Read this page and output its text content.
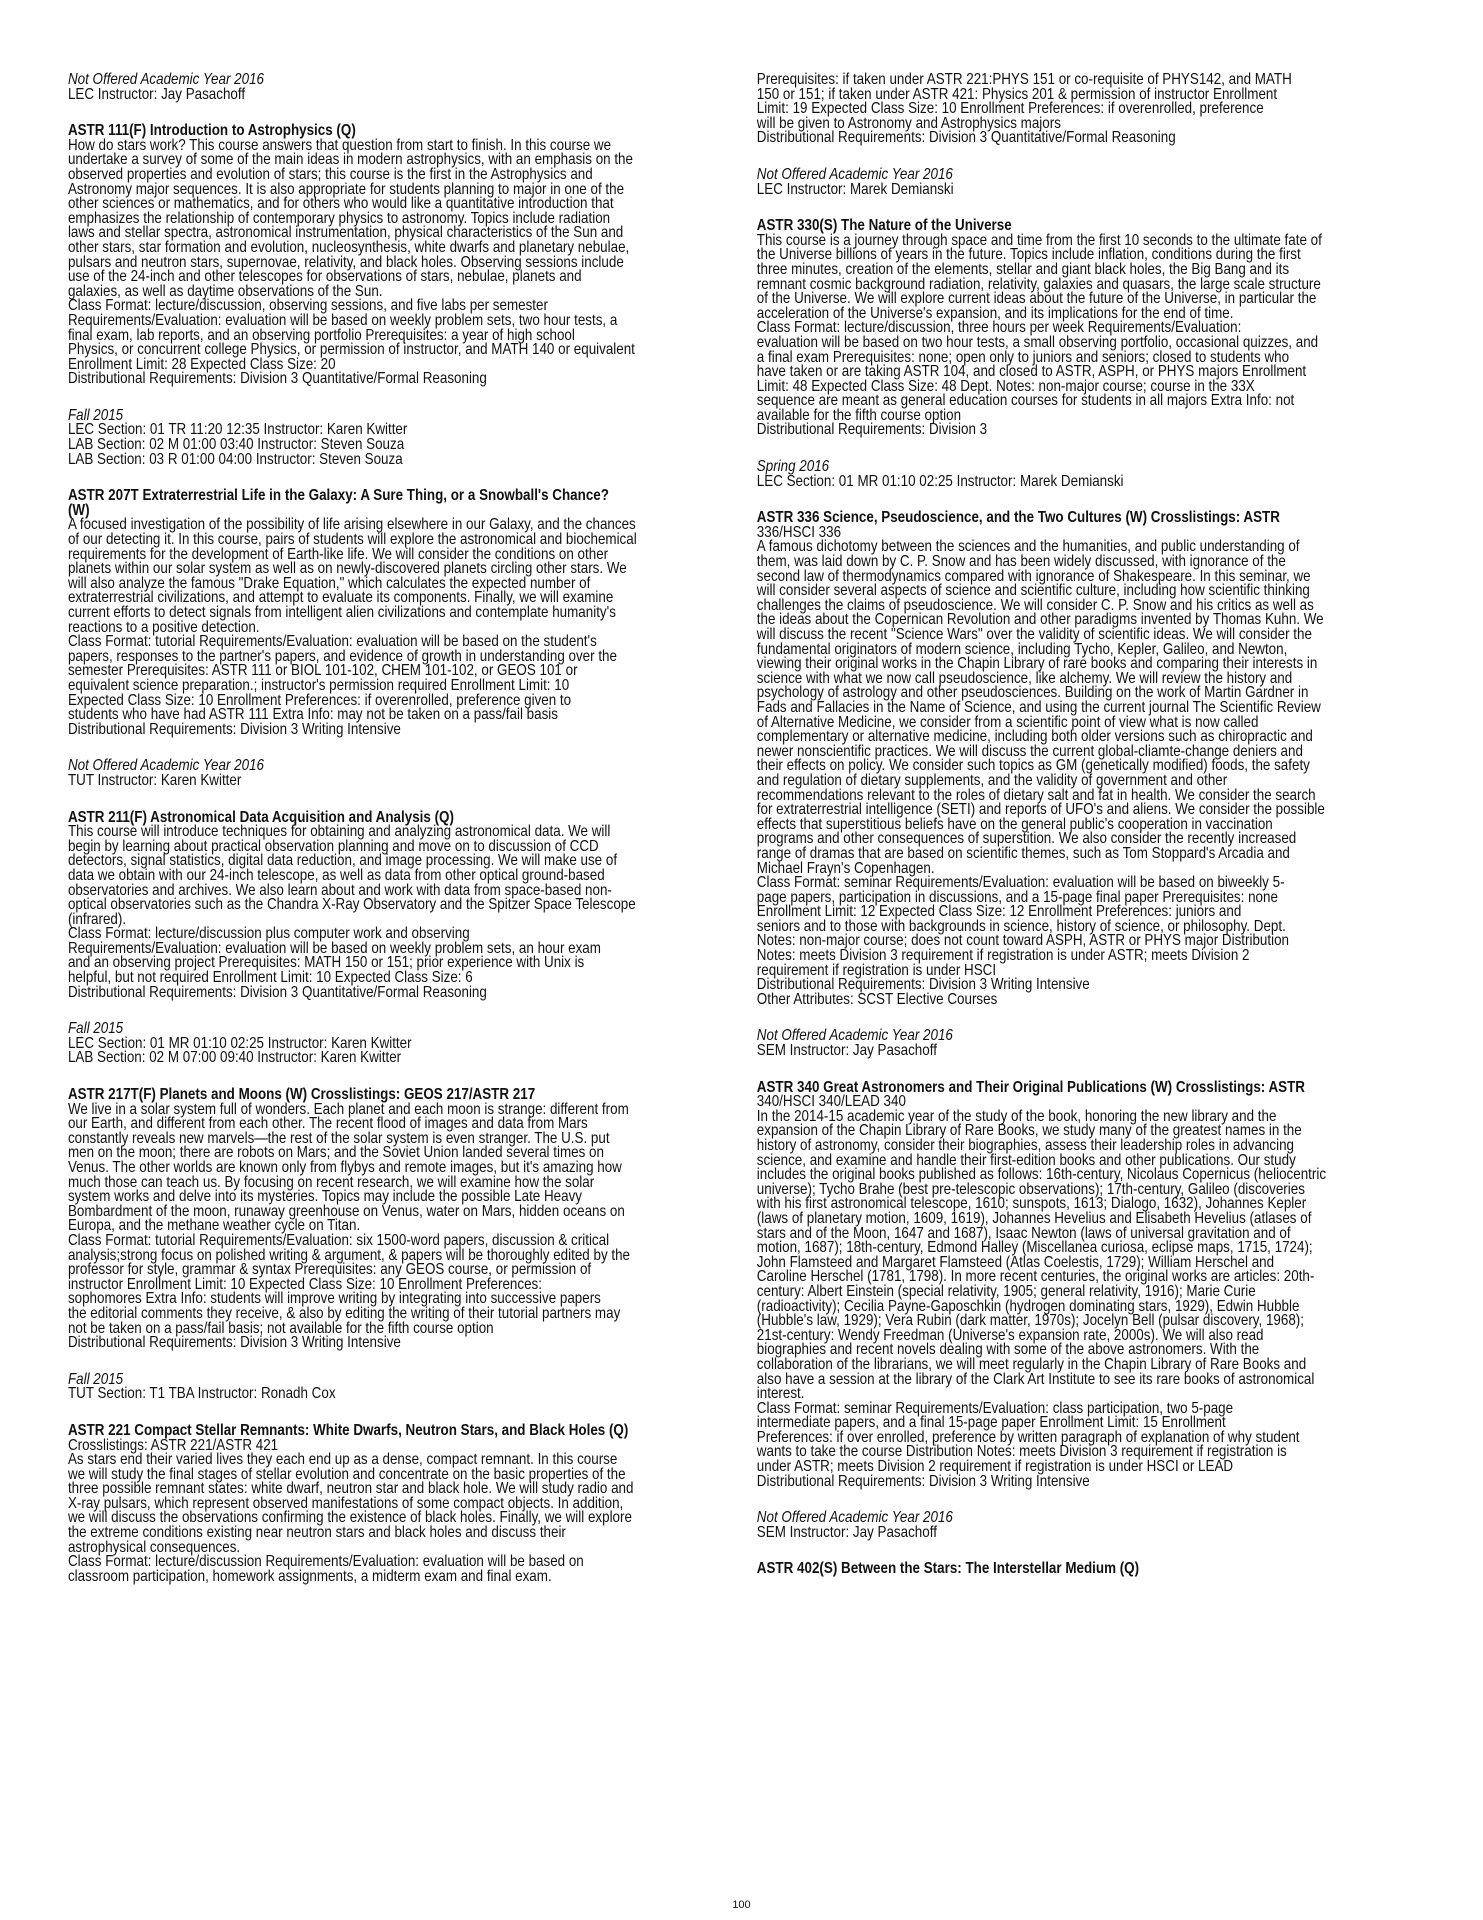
Not Offered Academic Year 2016
LEC Instructor: Jay Pasachoff
ASTR 111(F) Introduction to Astrophysics (Q)
How do stars work? This course answers that question from start to finish. In this course we
undertake a survey of some of the main ideas in modern astrophysics, with an emphasis on the
observed properties and evolution of stars; this course is the first in the Astrophysics and
Astronomy major sequences. It is also appropriate for students planning to major in one of the
other sciences or mathematics, and for others who would like a quantitative introduction that
emphasizes the relationship of contemporary physics to astronomy. Topics include radiation
laws and stellar spectra, astronomical instrumentation, physical characteristics of the Sun and
other stars, star formation and evolution, nucleosynthesis, white dwarfs and planetary nebulae,
pulsars and neutron stars, supernovae, relativity, and black holes. Observing sessions include
use of the 24-inch and other telescopes for observations of stars, nebulae, planets and
galaxies, as well as daytime observations of the Sun.
Class Format: lecture/discussion, observing sessions, and five labs per semester
Requirements/Evaluation: evaluation will be based on weekly problem sets, two hour tests, a
final exam, lab reports, and an observing portfolio Prerequisites: a year of high school
Physics, or concurrent college Physics, or permission of instructor, and MATH 140 or equivalent
Enrollment Limit: 28 Expected Class Size: 20
Distributional Requirements: Division 3 Quantitative/Formal Reasoning
Fall 2015
LEC Section: 01 TR 11:20 12:35 Instructor: Karen Kwitter
LAB Section: 02 M 01:00 03:40 Instructor: Steven Souza
LAB Section: 03 R 01:00 04:00 Instructor: Steven Souza
ASTR 207T Extraterrestrial Life in the Galaxy: A Sure Thing, or a Snowball's Chance?
(W)
A focused investigation of the possibility of life arising elsewhere in our Galaxy, and the chances
of our detecting it. In this course, pairs of students will explore the astronomical and biochemical
requirements for the development of Earth-like life. We will consider the conditions on other
planets within our solar system as well as on newly-discovered planets circling other stars. We
will also analyze the famous "Drake Equation," which calculates the expected number of
extraterrestrial civilizations, and attempt to evaluate its components. Finally, we will examine
current efforts to detect signals from intelligent alien civilizations and contemplate humanity's
reactions to a positive detection.
Class Format: tutorial Requirements/Evaluation: evaluation will be based on the student's
papers, responses to the partner's papers, and evidence of growth in understanding over the
semester Prerequisites: ASTR 111 or BIOL 101-102, CHEM 101-102, or GEOS 101 or
equivalent science preparation.; instructor's permission required Enrollment Limit: 10
Expected Class Size: 10 Enrollment Preferences: if overenrolled, preference given to
students who have had ASTR 111 Extra Info: may not be taken on a pass/fail basis
Distributional Requirements: Division 3 Writing Intensive
Not Offered Academic Year 2016
TUT Instructor: Karen Kwitter
ASTR 211(F) Astronomical Data Acquisition and Analysis (Q)
This course will introduce techniques for obtaining and analyzing astronomical data. We will
begin by learning about practical observation planning and move on to discussion of CCD
detectors, signal statistics, digital data reduction, and image processing. We will make use of
data we obtain with our 24-inch telescope, as well as data from other optical ground-based
observatories and archives. We also learn about and work with data from space-based non-
optical observatories such as the Chandra X-Ray Observatory and the Spitzer Space Telescope
(infrared).
Class Format: lecture/discussion plus computer work and observing
Requirements/Evaluation: evaluation will be based on weekly problem sets, an hour exam
and an observing project Prerequisites: MATH 150 or 151; prior experience with Unix is
helpful, but not required Enrollment Limit: 10 Expected Class Size: 6
Distributional Requirements: Division 3 Quantitative/Formal Reasoning
Fall 2015
LEC Section: 01 MR 01:10 02:25 Instructor: Karen Kwitter
LAB Section: 02 M 07:00 09:40 Instructor: Karen Kwitter
ASTR 217T(F) Planets and Moons (W) Crosslistings: GEOS 217/ASTR 217
We live in a solar system full of wonders. Each planet and each moon is strange: different from
our Earth, and different from each other. The recent flood of images and data from Mars
constantly reveals new marvels—the rest of the solar system is even stranger. The U.S. put
men on the moon; there are robots on Mars; and the Soviet Union landed several times on
Venus. The other worlds are known only from flybys and remote images, but it's amazing how
much those can teach us. By focusing on recent research, we will examine how the solar
system works and delve into its mysteries. Topics may include the possible Late Heavy
Bombardment of the moon, runaway greenhouse on Venus, water on Mars, hidden oceans on
Europa, and the methane weather cycle on Titan.
Class Format: tutorial Requirements/Evaluation: six 1500-word papers, discussion & critical
analysis;strong focus on polished writing & argument, & papers will be thoroughly edited by the
professor for style, grammar & syntax Prerequisites: any GEOS course, or permission of
instructor Enrollment Limit: 10 Expected Class Size: 10 Enrollment Preferences:
sophomores Extra Info: students will improve writing by integrating into successive papers
the editorial comments they receive, & also by editing the writing of their tutorial partners may
not be taken on a pass/fail basis; not available for the fifth course option
Distributional Requirements: Division 3 Writing Intensive
Fall 2015
TUT Section: T1 TBA Instructor: Ronadh Cox
ASTR 221 Compact Stellar Remnants: White Dwarfs, Neutron Stars, and Black Holes (Q)
Crosslistings: ASTR 221/ASTR 421
As stars end their varied lives they each end up as a dense, compact remnant. In this course
we will study the final stages of stellar evolution and concentrate on the basic properties of the
three possible remnant states: white dwarf, neutron star and black hole. We will study radio and
X-ray pulsars, which represent observed manifestations of some compact objects. In addition,
we will discuss the observations confirming the existence of black holes. Finally, we will explore
the extreme conditions existing near neutron stars and black holes and discuss their
astrophysical consequences.
Class Format: lecture/discussion Requirements/Evaluation: evaluation will be based on
classroom participation, homework assignments, a midterm exam and final exam.
Prerequisites: if taken under ASTR 221:PHYS 151 or co-requisite of PHYS142, and MATH
150 or 151; if taken under ASTR 421: Physics 201 & permission of instructor Enrollment
Limit: 19 Expected Class Size: 10 Enrollment Preferences: if overenrolled, preference
will be given to Astronomy and Astrophysics majors
Distributional Requirements: Division 3 Quantitative/Formal Reasoning
Not Offered Academic Year 2016
LEC Instructor: Marek Demianski
ASTR 330(S) The Nature of the Universe
This course is a journey through space and time from the first 10 seconds to the ultimate fate of
the Universe billions of years in the future. Topics include inflation, conditions during the first
three minutes, creation of the elements, stellar and giant black holes, the Big Bang and its
remnant cosmic background radiation, relativity, galaxies and quasars, the large scale structure
of the Universe. We will explore current ideas about the future of the Universe, in particular the
acceleration of the Universe's expansion, and its implications for the end of time.
Class Format: lecture/discussion, three hours per week Requirements/Evaluation:
evaluation will be based on two hour tests, a small observing portfolio, occasional quizzes, and
a final exam Prerequisites: none; open only to juniors and seniors; closed to students who
have taken or are taking ASTR 104, and closed to ASTR, ASPH, or PHYS majors Enrollment
Limit: 48 Expected Class Size: 48 Dept. Notes: non-major course; course in the 33X
sequence are meant as general education courses for students in all majors Extra Info: not
available for the fifth course option
Distributional Requirements: Division 3
Spring 2016
LEC Section: 01 MR 01:10 02:25 Instructor: Marek Demianski
ASTR 336 Science, Pseudoscience, and the Two Cultures (W) Crosslistings: ASTR
336/HSCI 336
A famous dichotomy between the sciences and the humanities, and public understanding of
them, was laid down by C. P. Snow and has been widely discussed, with ignorance of the
second law of thermodynamics compared with ignorance of Shakespeare. In this seminar, we
will consider several aspects of science and scientific culture, including how scientific thinking
challenges the claims of pseudoscience. We will consider C. P. Snow and his critics as well as
the ideas about the Copernican Revolution and other paradigms invented by Thomas Kuhn. We
will discuss the recent "Science Wars" over the validity of scientific ideas. We will consider the
fundamental originators of modern science, including Tycho, Kepler, Galileo, and Newton,
viewing their original works in the Chapin Library of rare books and comparing their interests in
science with what we now call pseudoscience, like alchemy. We will review the history and
psychology of astrology and other pseudosciences. Building on the work of Martin Gardner in
Fads and Fallacies in the Name of Science, and using the current journal The Scientific Review
of Alternative Medicine, we consider from a scientific point of view what is now called
complementary or alternative medicine, including both older versions such as chiropractic and
newer nonscientific practices. We will discuss the current global-cliamte-change deniers and
their effects on policy. We consider such topics as GM (genetically modified) foods, the safety
and regulation of dietary supplements, and the validity of government and other
recommendations relevant to the roles of dietary salt and fat in health. We consider the search
for extraterrestrial intelligence (SETI) and reports of UFO's and aliens. We consider the possible
effects that superstitious beliefs have on the general public's cooperation in vaccination
programs and other consequences of superstition. We also consider the recently increased
range of dramas that are based on scientific themes, such as Tom Stoppard's Arcadia and
Michael Frayn's Copenhagen.
Class Format: seminar Requirements/Evaluation: evaluation will be based on biweekly 5-
page papers, participation in discussions, and a 15-page final paper Prerequisites: none
Enrollment Limit: 12 Expected Class Size: 12 Enrollment Preferences: juniors and
seniors and to those with backgrounds in science, history of science, or philosophy. Dept.
Notes: non-major course; does not count toward ASPH, ASTR or PHYS major Distribution
Notes: meets Division 3 requirement if registration is under ASTR; meets Division 2
requirement if registration is under HSCI
Distributional Requirements: Division 3 Writing Intensive
Other Attributes: SCST Elective Courses
Not Offered Academic Year 2016
SEM Instructor: Jay Pasachoff
ASTR 340 Great Astronomers and Their Original Publications (W) Crosslistings: ASTR
340/HSCI 340/LEAD 340
In the 2014-15 academic year of the study of the book, honoring the new library and the
expansion of the Chapin Library of Rare Books, we study many of the greatest names in the
history of astronomy, consider their biographies, assess their leadership roles in advancing
science, and examine and handle their first-edition books and other publications. Our study
includes the original books published as follows: 16th-century, Nicolaus Copernicus (heliocentric
universe); Tycho Brahe (best pre-telescopic observations); 17th-century, Galileo (discoveries
with his first astronomical telescope, 1610; sunspots, 1613; Dialogo, 1632), Johannes Kepler
(laws of planetary motion, 1609, 1619), Johannes Hevelius and Elisabeth Hevelius (atlases of
stars and of the Moon, 1647 and 1687), Isaac Newton (laws of universal gravitation and of
motion, 1687); 18th-century, Edmond Halley (Miscellanea curiosa, eclipse maps, 1715, 1724);
John Flamsteed and Margaret Flamsteed (Atlas Coelestis, 1729); William Herschel and
Caroline Herschel (1781, 1798). In more recent centuries, the original works are articles: 20th-
century: Albert Einstein (special relativity, 1905; general relativity, 1916); Marie Curie
(radioactivity); Cecilia Payne-Gaposchkin (hydrogen dominating stars, 1929), Edwin Hubble
(Hubble's law, 1929); Vera Rubin (dark matter, 1970s); Jocelyn Bell (pulsar discovery, 1968);
21st-century: Wendy Freedman (Universe's expansion rate, 2000s). We will also read
biographies and recent novels dealing with some of the above astronomers. With the
collaboration of the librarians, we will meet regularly in the Chapin Library of Rare Books and
also have a session at the library of the Clark Art Institute to see its rare books of astronomical
interest.
Class Format: seminar Requirements/Evaluation: class participation, two 5-page
intermediate papers, and a final 15-page paper Enrollment Limit: 15 Enrollment
Preferences: if over enrolled, preference by written paragraph of explanation of why student
wants to take the course Distribution Notes: meets Division 3 requirement if registration is
under ASTR; meets Division 2 requirement if registration is under HSCI or LEAD
Distributional Requirements: Division 3 Writing Intensive
Not Offered Academic Year 2016
SEM Instructor: Jay Pasachoff
ASTR 402(S) Between the Stars: The Interstellar Medium (Q)
100
